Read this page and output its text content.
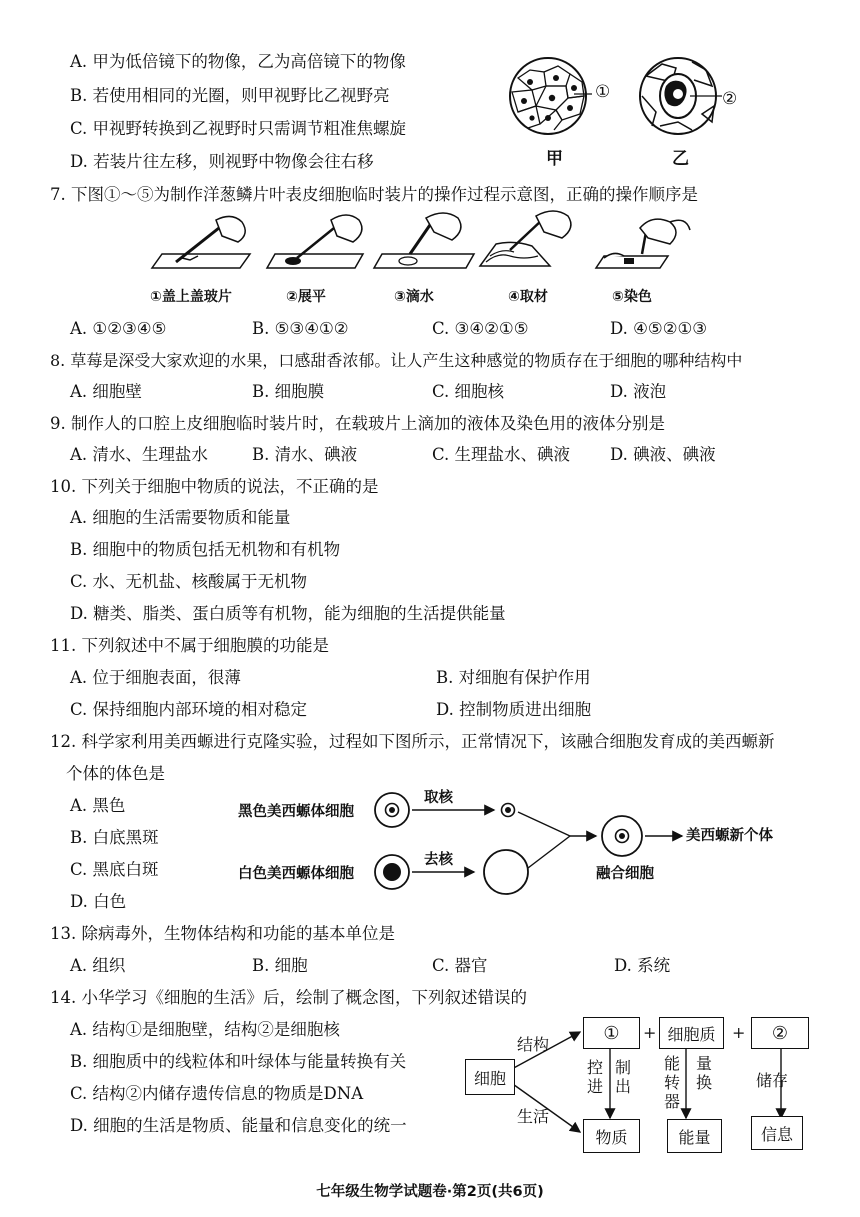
A. 甲为低倍镜下的物像，乙为高倍镜下的物像
B. 若使用相同的光圈，则甲视野比乙视野亮
C. 甲视野转换到乙视野时只需调节粗准焦螺旋
D. 若装片往左移，则视野中物像会往右移
①	②
甲	乙
7. 下图①～⑤为制作洋葱鳞片叶表皮细胞临时装片的操作过程示意图，正确的操作顺序是
①盖上盖玻片	②展平	③滴水	④取材	⑤染色
A. ①②③④⑤	B. ⑤③④①②	C. ③④②①⑤	D. ④⑤②①③
8. 草莓是深受大家欢迎的水果，口感甜香浓郁。让人产生这种感觉的物质存在于细胞的哪种结构中
A. 细胞壁	B. 细胞膜	C. 细胞核	D. 液泡
9. 制作人的口腔上皮细胞临时装片时，在载玻片上滴加的液体及染色用的液体分别是
A. 清水、生理盐水	B. 清水、碘液	C. 生理盐水、碘液 D. 碘液、碘液
10. 下列关于细胞中物质的说法，不正确的是
A. 细胞的生活需要物质和能量
B. 细胞中的物质包括无机物和有机物
C. 水、无机盐、核酸属于无机物
D. 糖类、脂类、蛋白质等有机物，能为细胞的生活提供能量
11. 下列叙述中不属于细胞膜的功能是
A. 位于细胞表面，很薄	B. 对细胞有保护作用
C. 保持细胞内部环境的相对稳定	D. 控制物质进出细胞
12. 科学家利用美西螈进行克隆实验，过程如下图所示，正常情况下，该融合细胞发育成的美西螈新
个体的体色是
A. 黑色
B. 白底黑斑
C. 黑底白斑
D. 白色
黑色美西螈体细胞
白色美西螈体细胞
取核
去核
融合细胞
美西螈新个体
13. 除病毒外，生物体结构和功能的基本单位是
A. 组织	B. 细胞	C. 器官	D. 系统
14. 小华学习《细胞的生活》后，绘制了概念图，下列叙述错误的
A. 结构①是细胞壁，结构②是细胞核
B. 细胞质中的线粒体和叶绿体与能量转换有关
C. 结构②内储存遗传信息的物质是DNA
D. 细胞的生活是物质、能量和信息变化的统一
细胞
结构
生活
①	+ 细胞质	+	②
控进
制出
能转器
量换	储存
物质	能量	信息
七年级生物学试题卷·第2页(共6页)
